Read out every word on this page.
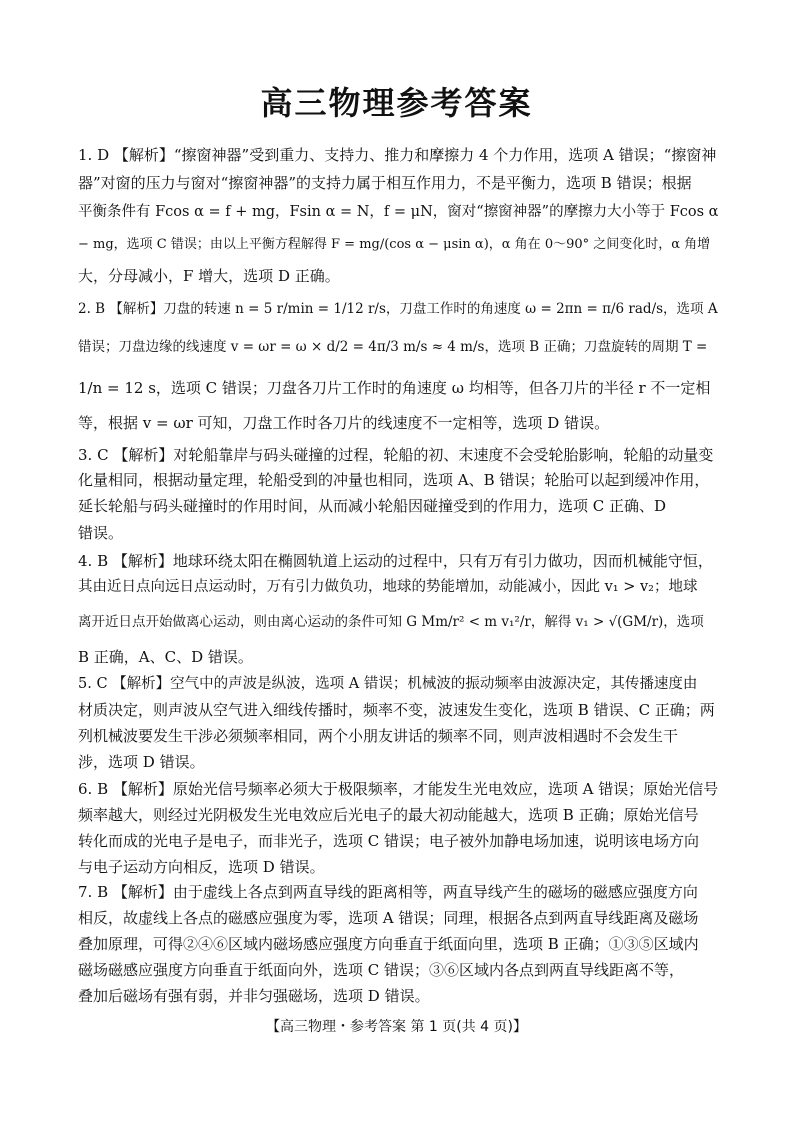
高三物理参考答案
1. D 【解析】“擦窗神器”受到重力、支持力、推力和摩擦力 4 个力作用，选项 A 错误；“擦窗神
器”对窗的压力与窗对“擦窗神器”的支持力属于相互作用力，不是平衡力，选项 B 错误；根据
平衡条件有 Fcos α = f + mg，Fsin α = N，f = μN，窗对“擦窗神器”的摩擦力大小等于 Fcos α
− mg，选项 C 错误；由以上平衡方程解得 F = mg/(cos α − μsin α)，α 角在 0～90° 之间变化时，α 角增
大，分母减小，F 增大，选项 D 正确。
2. B 【解析】刀盘的转速 n = 5 r/min = 1/12 r/s，刀盘工作时的角速度 ω = 2πn = π/6 rad/s，选项 A
错误；刀盘边缘的线速度 v = ωr = ω × d/2 = 4π/3 m/s ≈ 4 m/s，选项 B 正确；刀盘旋转的周期 T =
1/n = 12 s，选项 C 错误；刀盘各刀片工作时的角速度 ω 均相等，但各刀片的半径 r 不一定相
等，根据 v = ωr 可知，刀盘工作时各刀片的线速度不一定相等，选项 D 错误。
3. C 【解析】对轮船靠岸与码头碰撞的过程，轮船的初、末速度不会受轮胎影响，轮船的动量变
化量相同，根据动量定理，轮船受到的冲量也相同，选项 A、B 错误；轮胎可以起到缓冲作用，
延长轮船与码头碰撞时的作用时间，从而减小轮船因碰撞受到的作用力，选项 C 正确、D
错误。
4. B 【解析】地球环绕太阳在椭圆轨道上运动的过程中，只有万有引力做功，因而机械能守恒，
其由近日点向远日点运动时，万有引力做负功，地球的势能增加，动能减小，因此 v₁ > v₂；地球
离开近日点开始做离心运动，则由离心运动的条件可知 G Mm/r² < m v₁²/r，解得 v₁ > √(GM/r)，选项
B 正确，A、C、D 错误。
5. C 【解析】空气中的声波是纵波，选项 A 错误；机械波的振动频率由波源决定，其传播速度由
材质决定，则声波从空气进入细线传播时，频率不变，波速发生变化，选项 B 错误、C 正确；两
列机械波要发生干涉必须频率相同，两个小朋友讲话的频率不同，则声波相遇时不会发生干
涉，选项 D 错误。
6. B 【解析】原始光信号频率必须大于极限频率，才能发生光电效应，选项 A 错误；原始光信号
频率越大，则经过光阴极发生光电效应后光电子的最大初动能越大，选项 B 正确；原始光信号
转化而成的光电子是电子，而非光子，选项 C 错误；电子被外加静电场加速，说明该电场方向
与电子运动方向相反，选项 D 错误。
7. B 【解析】由于虚线上各点到两直导线的距离相等，两直导线产生的磁场的磁感应强度方向
相反，故虚线上各点的磁感应强度为零，选项 A 错误；同理，根据各点到两直导线距离及磁场
叠加原理，可得②④⑥区域内磁场感应强度方向垂直于纸面向里，选项 B 正确；①③⑤区域内
磁场磁感应强度方向垂直于纸面向外，选项 C 错误；③⑥区域内各点到两直导线距离不等，
叠加后磁场有强有弱，并非匀强磁场，选项 D 错误。
【高三物理・参考答案 第 1 页(共 4 页)】
